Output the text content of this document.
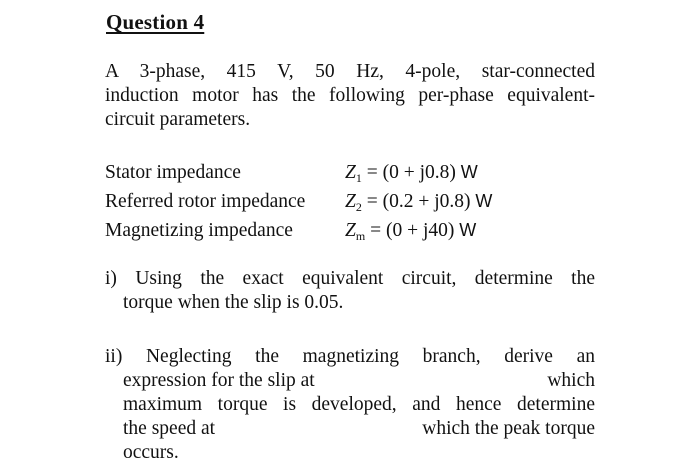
Question 4
A 3-phase, 415 V, 50 Hz, 4-pole, star-connected
induction motor has the following per-phase equivalent-
circuit parameters.
Stator impedance	$Z_1 = (0 + j0.8)$ W
Referred rotor impedance $Z_2 = (0.2 + j0.8)$ W
Magnetizing impedance	$Z_m = (0 + j40)$ W
i) Using the exact equivalent circuit, determine the
torque when the slip is 0.05.
ii) Neglecting the magnetizing branch, derive an
expression for the slip at	which
maximum torque is developed, and hence determine
the speed at	which the peak torque
occurs.
